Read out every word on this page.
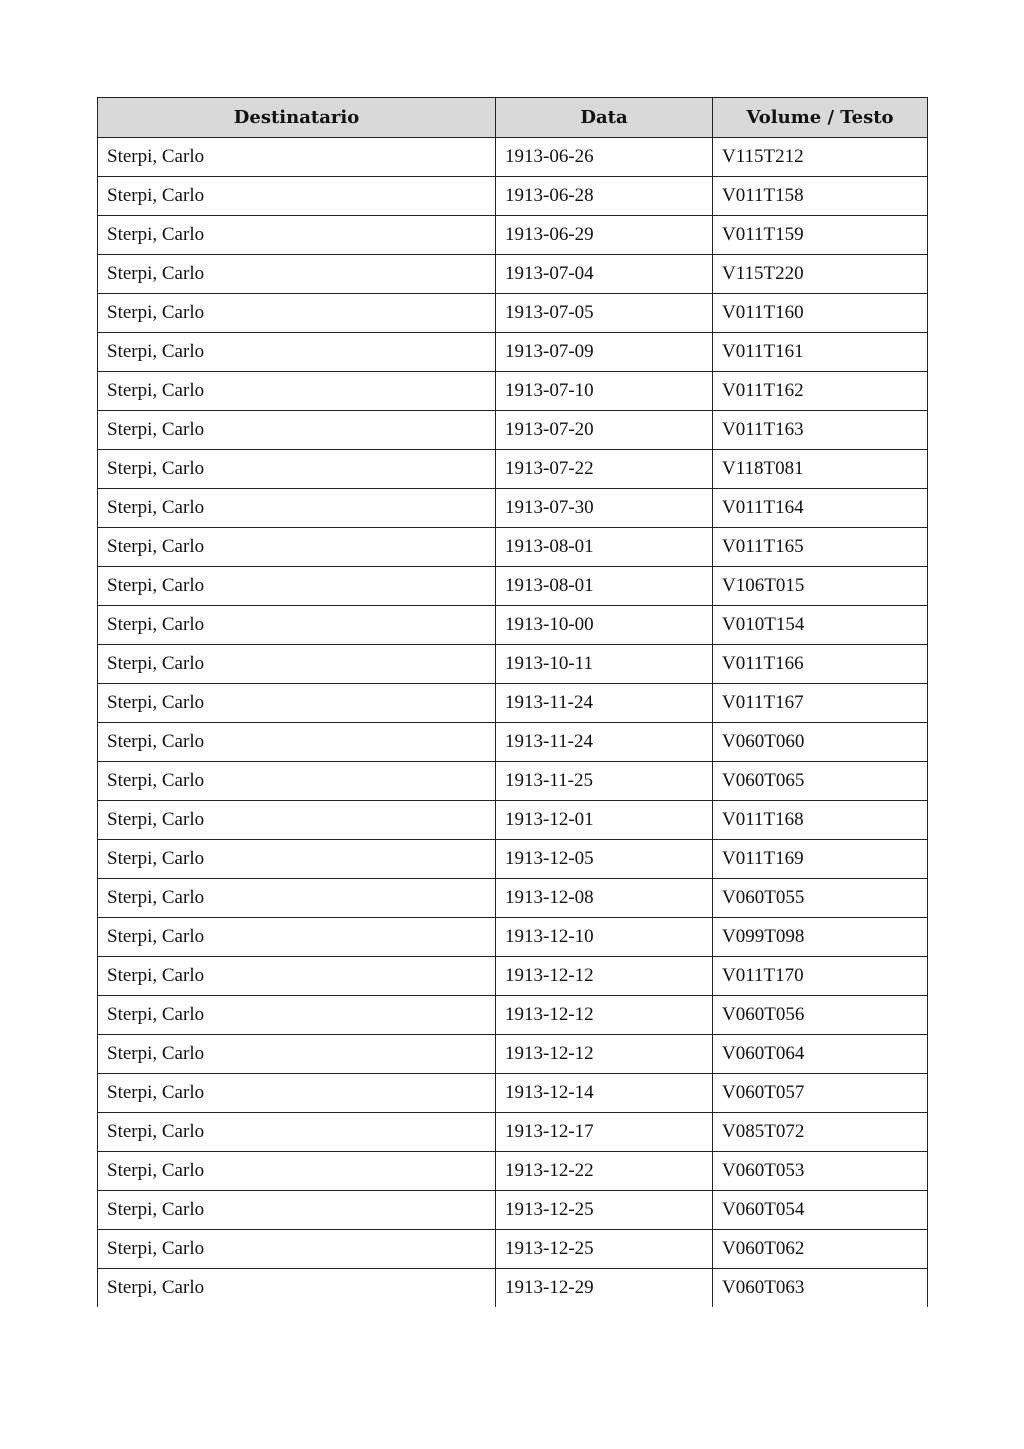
Destinatario	Data	Volume / Testo
Sterpi, Carlo	1913-06-26	V115T212
Sterpi, Carlo	1913-06-28	V011T158
Sterpi, Carlo	1913-06-29	V011T159
Sterpi, Carlo	1913-07-04	V115T220
Sterpi, Carlo	1913-07-05	V011T160
Sterpi, Carlo	1913-07-09	V011T161
Sterpi, Carlo	1913-07-10	V011T162
Sterpi, Carlo	1913-07-20	V011T163
Sterpi, Carlo	1913-07-22	V118T081
Sterpi, Carlo	1913-07-30	V011T164
Sterpi, Carlo	1913-08-01	V011T165
Sterpi, Carlo	1913-08-01	V106T015
Sterpi, Carlo	1913-10-00	V010T154
Sterpi, Carlo	1913-10-11	V011T166
Sterpi, Carlo	1913-11-24	V011T167
Sterpi, Carlo	1913-11-24	V060T060
Sterpi, Carlo	1913-11-25	V060T065
Sterpi, Carlo	1913-12-01	V011T168
Sterpi, Carlo	1913-12-05	V011T169
Sterpi, Carlo	1913-12-08	V060T055
Sterpi, Carlo	1913-12-10	V099T098
Sterpi, Carlo	1913-12-12	V011T170
Sterpi, Carlo	1913-12-12	V060T056
Sterpi, Carlo	1913-12-12	V060T064
Sterpi, Carlo	1913-12-14	V060T057
Sterpi, Carlo	1913-12-17	V085T072
Sterpi, Carlo	1913-12-22	V060T053
Sterpi, Carlo	1913-12-25	V060T054
Sterpi, Carlo	1913-12-25	V060T062
Sterpi, Carlo	1913-12-29	V060T063
